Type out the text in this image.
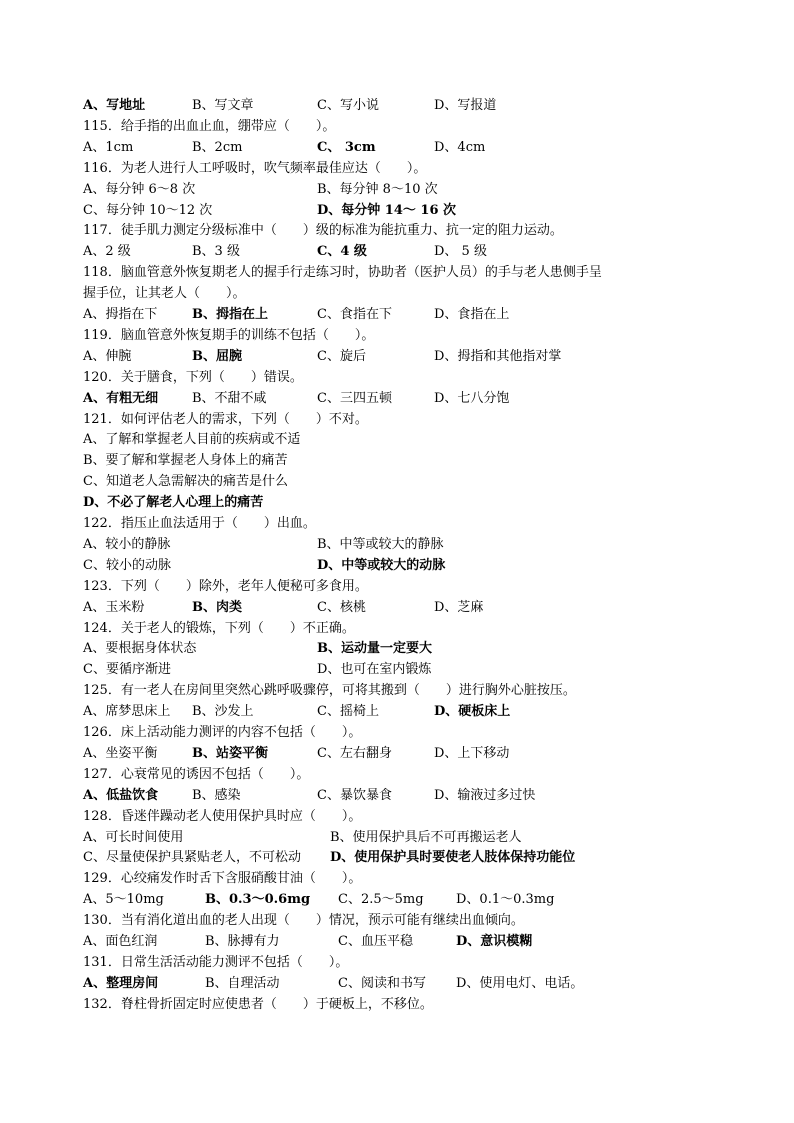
A、写地址	B、写文章	C、写小说	D、写报道
115．给手指的出血止血，绷带应（　　）。
A、1cm	B、2cm	C、 3cm	D、4cm
116．为老人进行人工呼吸时，吹气频率最佳应达（　　）。
A、每分钟 6～8 次	B、每分钟 8～10 次
C、每分钟 10～12 次	D、每分钟 14～ 16 次
117．徒手肌力测定分级标准中（　　）级的标准为能抗重力、抗一定的阻力运动。
A、2 级	B、3 级	C、4 级	D、 5 级
118．脑血管意外恢复期老人的握手行走练习时，协助者（医护人员）的手与老人患侧手呈
握手位，让其老人（　　）。
A、拇指在下	B、拇指在上	C、食指在下	D、食指在上
119．脑血管意外恢复期手的训练不包括（　　）。
A、伸腕	B、屈腕	C、旋后	D、拇指和其他指对掌
120．关于膳食，下列（　　）错误。
A、有粗无细	B、不甜不咸	C、三四五顿	D、七八分饱
121．如何评估老人的需求，下列（　　）不对。
A、了解和掌握老人目前的疾病或不适
B、要了解和掌握老人身体上的痛苦
C、知道老人急需解决的痛苦是什么
D、不必了解老人心理上的痛苦
122．指压止血法适用于（　　）出血。
A、较小的静脉	B、中等或较大的静脉
C、较小的动脉	D、中等或较大的动脉
123．下列（　　）除外，老年人便秘可多食用。
A、玉米粉	B、肉类	C、核桃	D、芝麻
124．关于老人的锻炼，下列（　　）不正确。
A、要根据身体状态	B、运动量一定要大
C、要循序渐进	D、也可在室内锻炼
125．有一老人在房间里突然心跳呼吸骤停，可将其搬到（　　）进行胸外心脏按压。
A、席梦思床上 B、沙发上	C、摇椅上	D、硬板床上
126．床上活动能力测评的内容不包括（　　）。
A、坐姿平衡	B、站姿平衡	C、左右翻身	D、上下移动
127．心衰常见的诱因不包括（　　）。
A、低盐饮食	B、感染	C、暴饮暴食	D、输液过多过快
128．昏迷伴躁动老人使用保护具时应（　　）。
A、可长时间使用	B、使用保护具后不可再搬运老人
C、尽量使保护具紧贴老人，不可松动 D、使用保护具时要使老人肢体保持功能位
129．心绞痛发作时舌下含服硝酸甘油（　　）。
A、5～10mg	B、0.3～0.6mg C、2.5～5mg D、0.1～0.3mg
130．当有消化道出血的老人出现（　　）情况，预示可能有继续出血倾向。
A、面色红润	B、脉搏有力	C、血压平稳	D、意识模糊
131．日常生活活动能力测评不包括（　　）。
A、整理房间	B、自理活动	C、阅读和书写 D、使用电灯、电话。
132．脊柱骨折固定时应使患者（　　）于硬板上，不移位。
